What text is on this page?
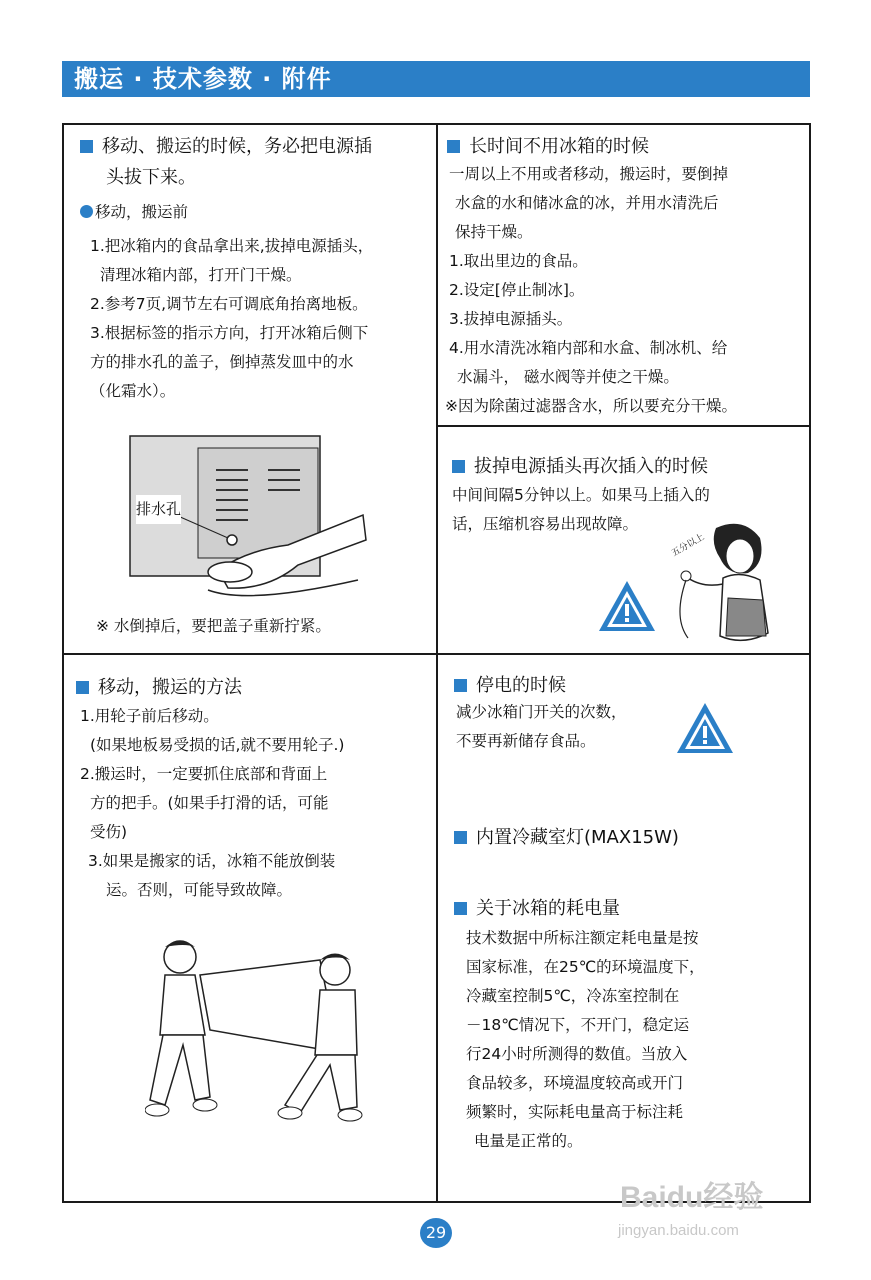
搬运 · 技术参数 · 附件
移动、搬运的时候，务必把电源插
头拔下来。
移动，搬运前
1.把冰箱内的食品拿出来,拔掉电源插头，
清理冰箱内部，打开门干燥。
2.参考7页,调节左右可调底角抬离地板。
3.根据标签的指示方向，打开冰箱后侧下
方的排水孔的盖子，倒掉蒸发皿中的水
（化霜水）。
排水孔
※ 水倒掉后，要把盖子重新拧紧。
长时间不用冰箱的时候
一周以上不用或者移动，搬运时，要倒掉
水盒的水和储冰盒的冰，并用水清洗后
保持干燥。
1.取出里边的食品。
2.设定[停止制冰]。
3.拔掉电源插头。
4.用水清洗冰箱内部和水盒、制冰机、给
水漏斗， 磁水阀等并使之干燥。
※因为除菌过滤器含水，所以要充分干燥。
拔掉电源插头再次插入的时候
中间间隔5分钟以上。如果马上插入的
话，压缩机容易出现故障。
五分以上
移动，搬运的方法
1.用轮子前后移动。
(如果地板易受损的话,就不要用轮子.)
2.搬运时，一定要抓住底部和背面上
方的把手。(如果手打滑的话，可能
受伤)
3.如果是搬家的话，冰箱不能放倒装
运。否则，可能导致故障。
停电的时候
减少冰箱门开关的次数，
不要再新储存食品。
内置冷藏室灯(MAX15W)
关于冰箱的耗电量
技术数据中所标注额定耗电量是按
国家标准，在25℃的环境温度下，
冷藏室控制5℃，冷冻室控制在
－18℃情况下，不开门，稳定运
行24小时所测得的数值。当放入
食品较多，环境温度较高或开门
频繁时，实际耗电量高于标注耗
电量是正常的。
29
Baidu经验
jingyan.baidu.com
